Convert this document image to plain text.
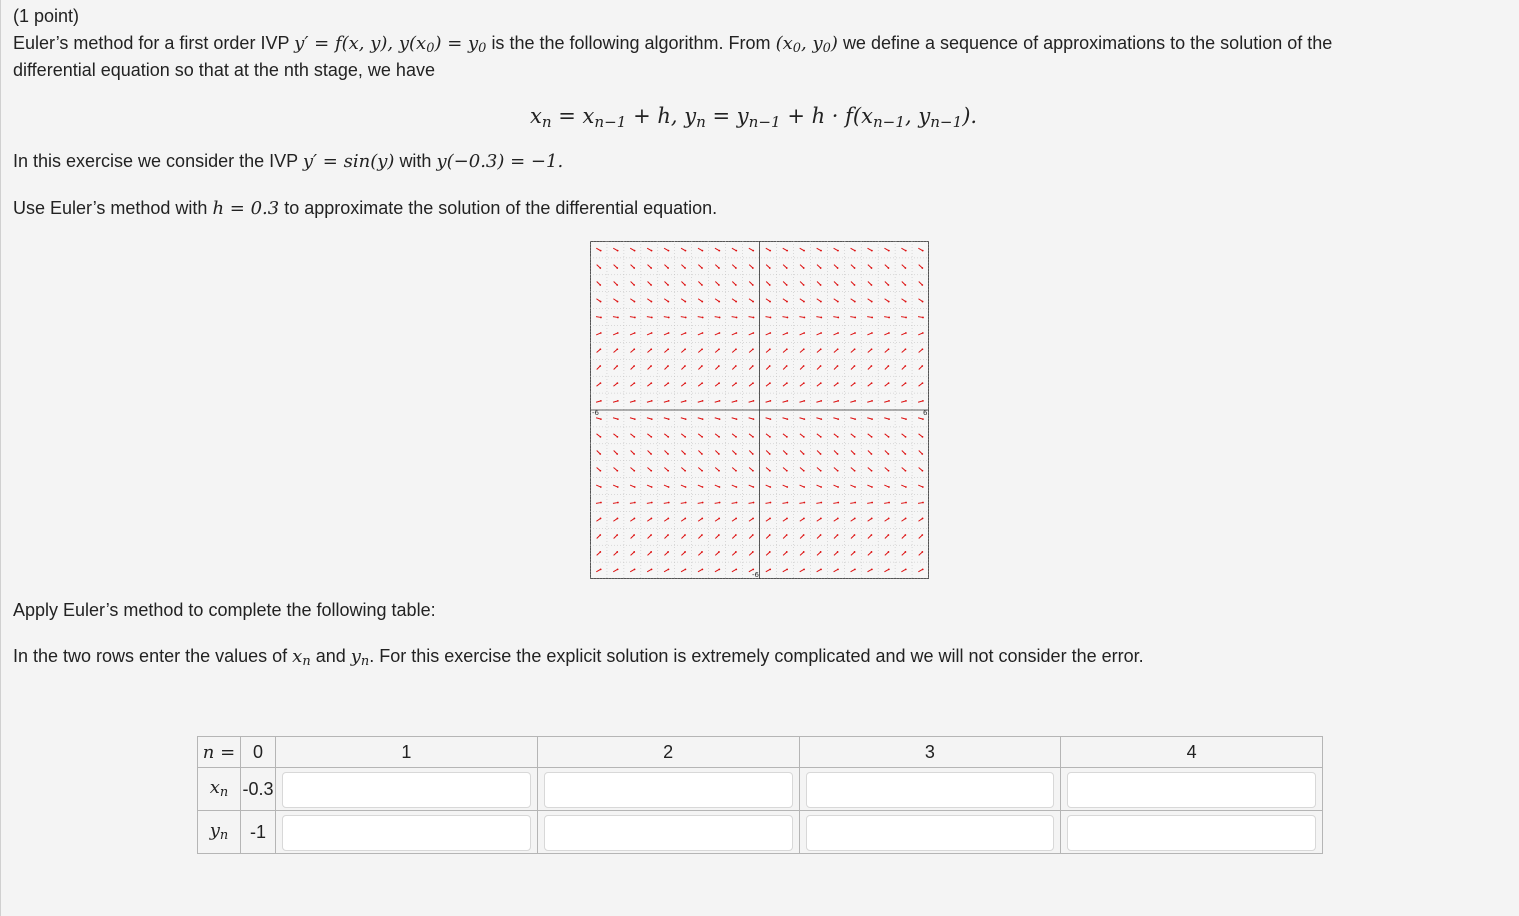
(1 point)
Euler’s method for a first order IVP y′ = f(x, y), $y(x_0) = y_0$ is the the following algorithm. From ($x_0$, $y_0$) we define a sequence of approximations to the solution of the
differential equation so that at the nth stage, we have
$x_n = x_{n-1} + h$, $y_n = y_{n-1} + h \cdot f(x_{n-1}$, $y_{n-1}$).
In this exercise we consider the IVP y′ = sin(y) with y(−0.3) = −1.
Use Euler’s method with h = 0.3 to approximate the solution of the differential equation.
-6	6
-6
Apply Euler’s method to complete the following table:
In the two rows enter the values of $x_n$ and $y_n$. For this exercise the explicit solution is extremely complicated and we will not consider the error.
n =	0	1	2	3	4
$x_n$	-0.3				
$y_n$	-1				
